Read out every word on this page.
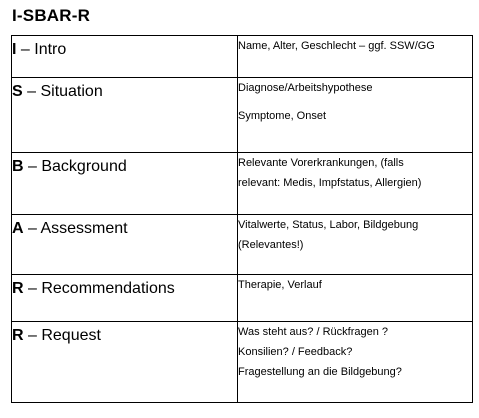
I-SBAR-R
I – Intro	Name, Alter, Geschlecht – ggf. SSW/GG

S – Situation	Diagnose/Arbeitshypothese

Symptome, Onset

B – Background	Relevante Vorerkrankungen, (falls

relevant: Medis, Impfstatus, Allergien)

A – Assessment	Vitalwerte, Status, Labor, Bildgebung

(Relevantes!)

R – Recommendations	Therapie, Verlauf

R – Request	Was steht aus? / Rückfragen ?

Konsilien? / Feedback?

Fragestellung an die Bildgebung?
